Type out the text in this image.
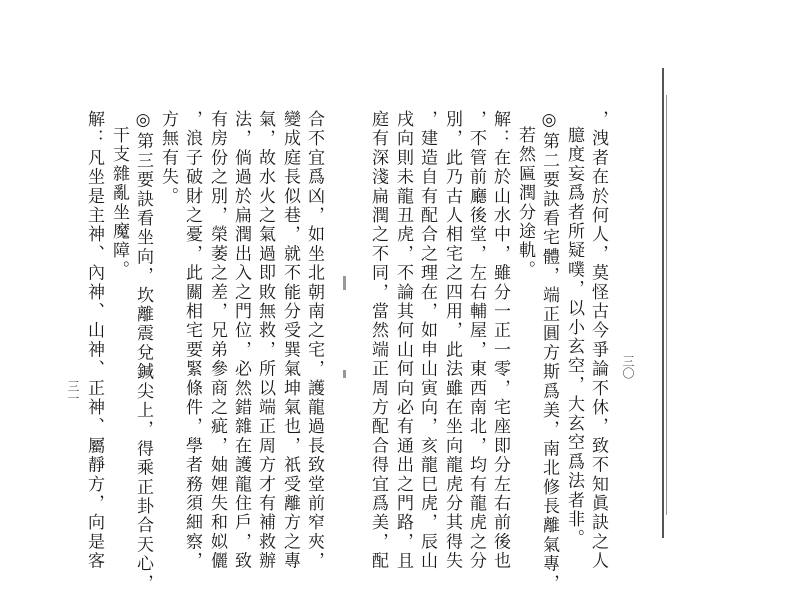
三〇
三一	，洩者在於何人，莫怪古今爭論不休，致不知眞訣之人
臆度妄爲者所疑噗，以小玄空，大玄空爲法者非。
◎第二要訣看宅體，端正圓方斯爲美，南北修長離氣專，
若然匾潤分途軌。
解：在於山水中，雖分一正一零，宅座即分左右前後也
，不管前廳後堂，左右輔屋，東西南北，均有龍虎之分
別，此乃古人相宅之四用，此法雖在坐向龍虎分其得失
，建造自有配合之理在，如申山寅向，亥龍巳虎，辰山
戌向則未龍丑虎，不論其何山何向必有通出之門路，且
庭有深淺扁潤之不同，當然端正周方配合得宜爲美，配
合不宜爲凶，如坐北朝南之宅，護龍過長致堂前窄夾，
變成庭長似巷，就不能分受巽氣坤氣也，祇受離方之專
氣，故水火之氣過即敗無救，所以端正周方才有補救辦
法，倘過於扁潤出入之門位，必然錯雜在護龍住戶，致
有房份之別，榮萎之差，兄弟參商之疵，妯娌失和姒儷
，浪子破財之憂，此關相宅要緊條件，學者務須細察，
方無有失。
◎第三要訣看坐向，坎離震兌鍼尖上，得乘正卦合天心，
干支雜亂坐魔障。
解：凡坐是主神、內神、山神、正神、屬靜方，向是客
